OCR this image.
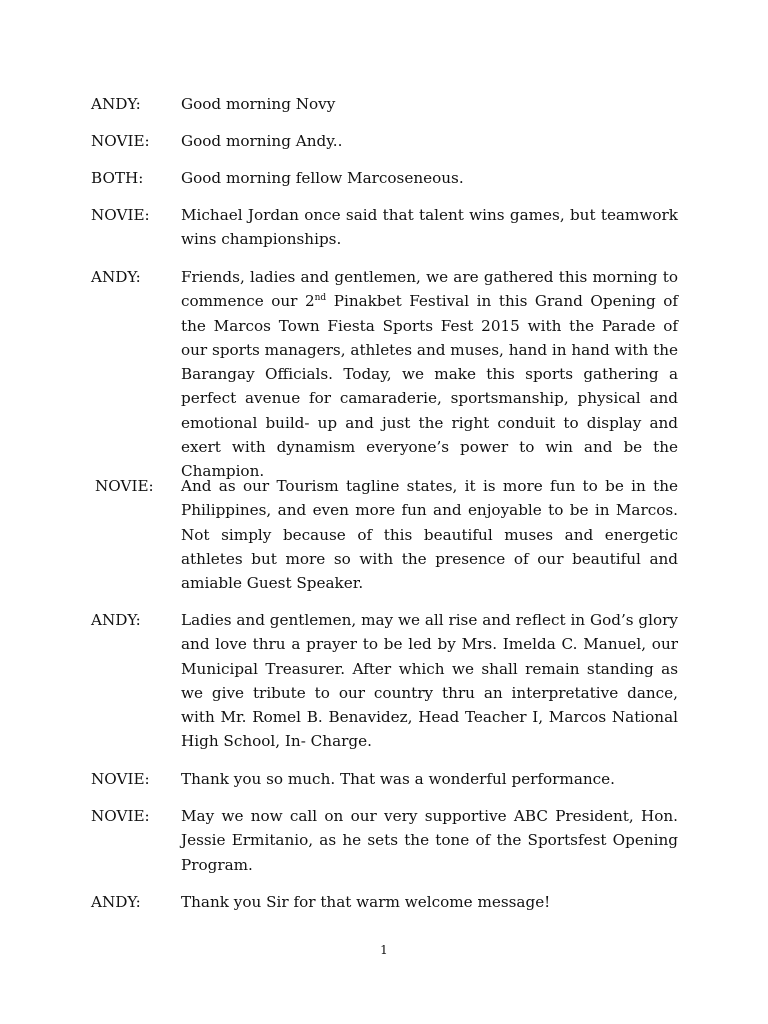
ANDY:	Good morning Novy
NOVIE: Good morning Andy..
BOTH: Good morning fellow Marcoseneous.
NOVIE: Michael Jordan once said that talent wins games, but teamwork wins championships.
ANDY:	Friends, ladies and gentlemen, we are gathered this morning to commence our 2nd Pinakbet Festival in this Grand Opening of the Marcos Town Fiesta Sports Fest 2015 with the Parade of our sports managers, athletes and muses, hand in hand with the Barangay Officials. Today, we make this sports gathering a perfect avenue for camaraderie, sportsmanship, physical and emotional build- up and just the right conduit to display and exert with dynamism everyone’s power to win and be the Champion.
NOVIE: And as our Tourism tagline states, it is more fun to be in the Philippines, and even more fun and enjoyable to be in Marcos. Not simply because of this beautiful muses and energetic athletes but more so with the presence of our beautiful and amiable Guest Speaker.
ANDY:	Ladies and gentlemen, may we all rise and reflect in God’s glory and love thru a prayer to be led by Mrs. Imelda C. Manuel, our Municipal Treasurer. After which we shall remain standing as we give tribute to our country thru an interpretative dance, with Mr. Romel B. Benavidez, Head Teacher I, Marcos National High School, In- Charge.
NOVIE: Thank you so much. That was a wonderful performance.
NOVIE: May we now call on our very supportive ABC President, Hon. Jessie Ermitanio, as he sets the tone of the Sportsfest Opening Program.
ANDY:	Thank you Sir for that warm welcome message!
1
